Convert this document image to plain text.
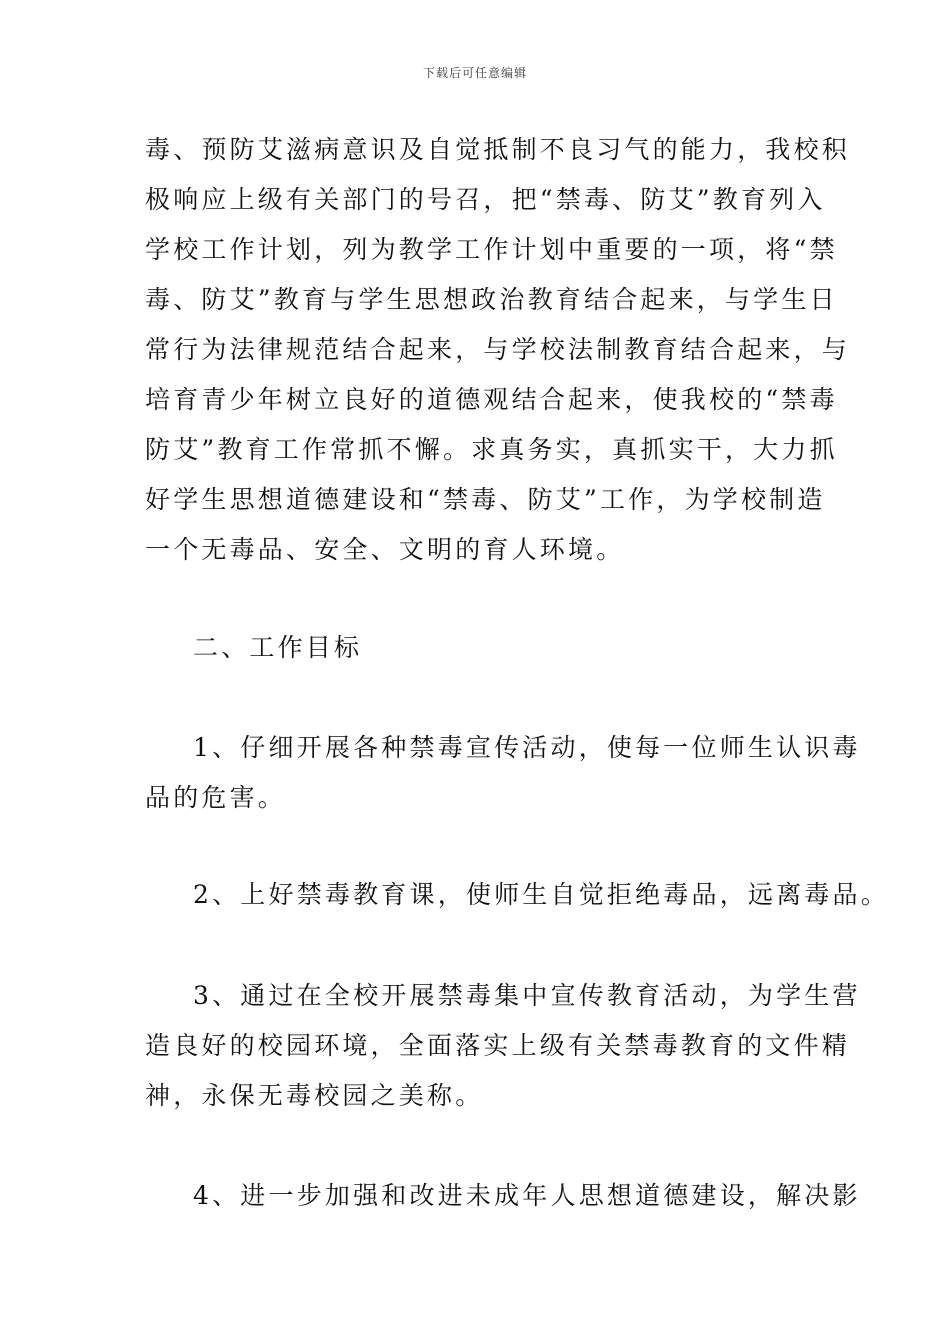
下载后可任意编辑
毒、预防艾滋病意识及自觉抵制不良习气的能力，我校积
极响应上级有关部门的号召，把“禁毒、防艾”教育列入
学校工作计划，列为教学工作计划中重要的一项，将“禁
毒、防艾”教育与学生思想政治教育结合起来，与学生日
常行为法律规范结合起来，与学校法制教育结合起来，与
培育青少年树立良好的道德观结合起来，使我校的“禁毒
防艾”教育工作常抓不懈。求真务实，真抓实干，大力抓
好学生思想道德建设和“禁毒、防艾”工作，为学校制造
一个无毒品、安全、文明的育人环境。
二、工作目标
1、仔细开展各种禁毒宣传活动，使每一位师生认识毒
品的危害。
2、上好禁毒教育课，使师生自觉拒绝毒品，远离毒品。
3、通过在全校开展禁毒集中宣传教育活动，为学生营
造良好的校园环境，全面落实上级有关禁毒教育的文件精
神，永保无毒校园之美称。
4、进一步加强和改进未成年人思想道德建设，解决影
